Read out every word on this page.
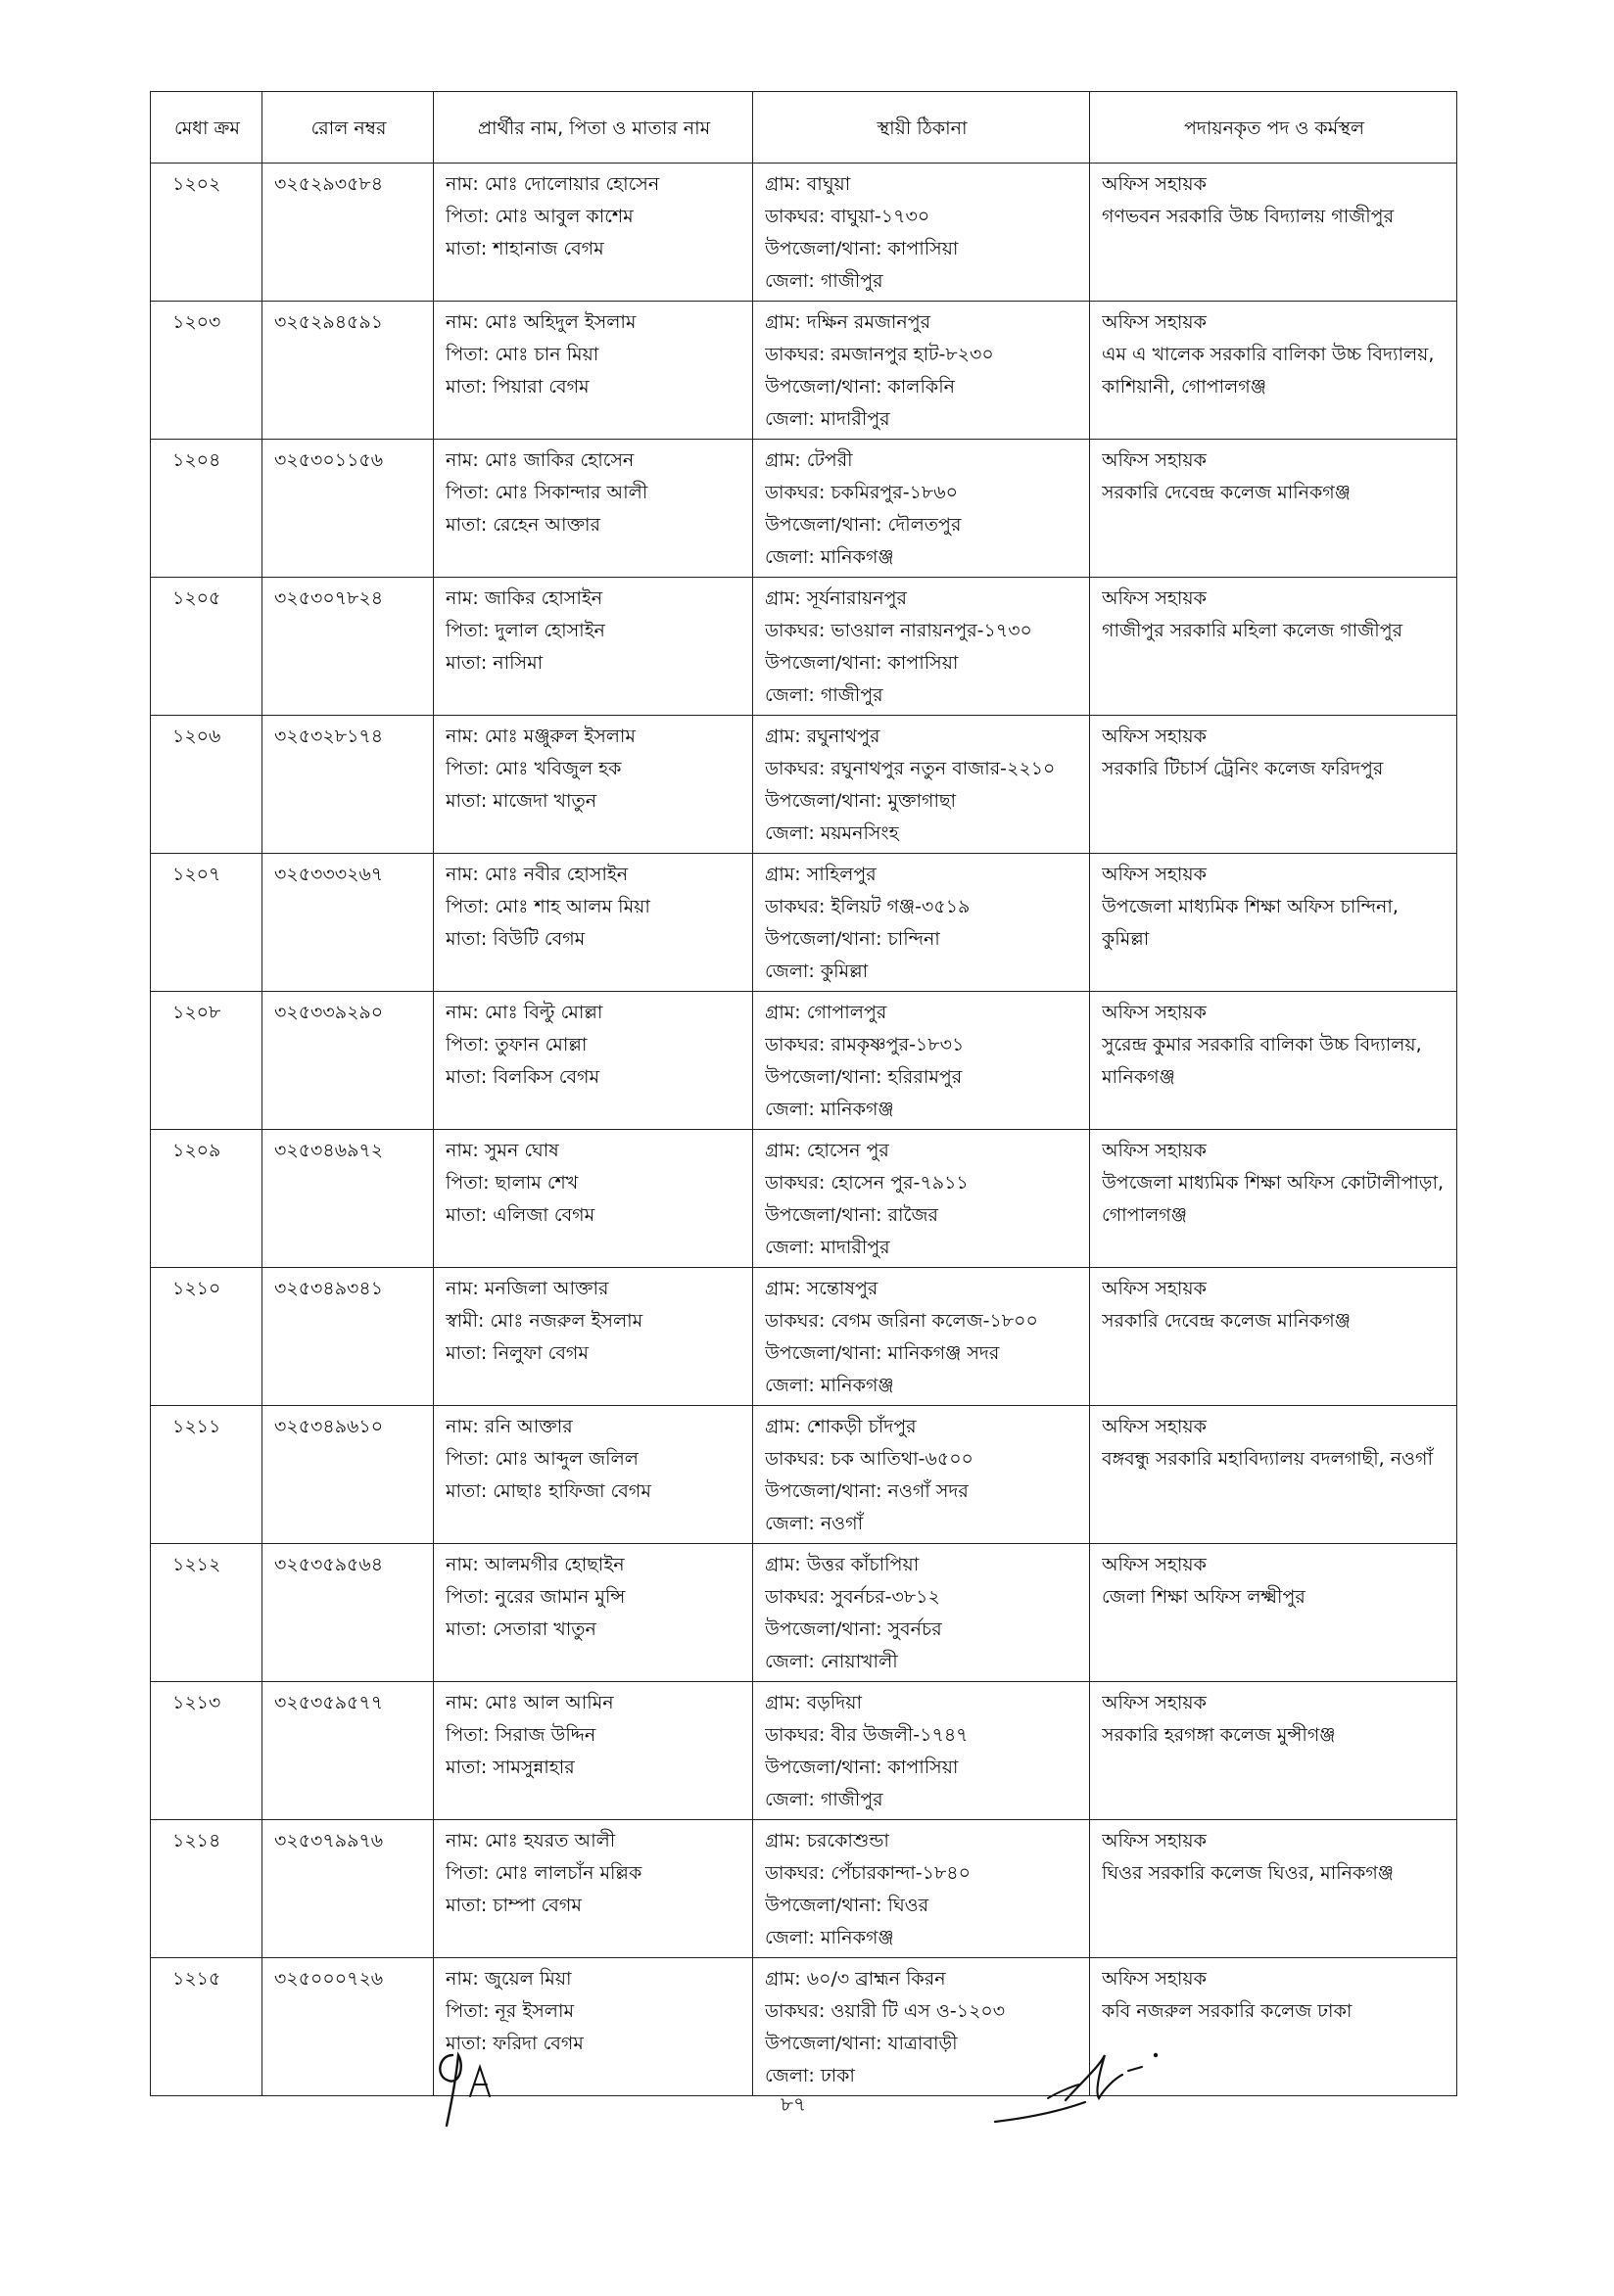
মেধা ক্রম	রোল নম্বর	প্রার্থীর নাম, পিতা ও মাতার নাম	স্থায়ী ঠিকানা	পদায়নকৃত পদ ও কর্মস্থল
১২০২	৩২৫২৯৩৫৮৪	নাম: মোঃ দোলোয়ার হোসেন
পিতা: মোঃ আবুল কাশেম
মাতা: শাহানাজ বেগম	গ্রাম: বাঘুয়া
ডাকঘর: বাঘুয়া-১৭৩০
উপজেলা/থানা: কাপাসিয়া
জেলা: গাজীপুর	অফিস সহায়ক
গণভবন সরকারি উচ্চ বিদ্যালয় গাজীপুর

১২০৩	৩২৫২৯৪৫৯১	নাম: মোঃ অহিদুল ইসলাম
পিতা: মোঃ চান মিয়া
মাতা: পিয়ারা বেগম	গ্রাম: দক্ষিন রমজানপুর
ডাকঘর: রমজানপুর হাট-৮২৩০
উপজেলা/থানা: কালকিনি
জেলা: মাদারীপুর	অফিস সহায়ক
এম এ খালেক সরকারি বালিকা উচ্চ বিদ্যালয়, কাশিয়ানী, গোপালগঞ্জ

১২০৪	৩২৫৩০১১৫৬	নাম: মোঃ জাকির হোসেন
পিতা: মোঃ সিকান্দার আলী
মাতা: রেহেন আক্তার	গ্রাম: টেপরী
ডাকঘর: চকমিরপুর-১৮৬০
উপজেলা/থানা: দৌলতপুর
জেলা: মানিকগঞ্জ	অফিস সহায়ক
সরকারি দেবেন্দ্র কলেজ মানিকগঞ্জ

১২০৫	৩২৫৩০৭৮২৪	নাম: জাকির হোসাইন
পিতা: দুলাল হোসাইন
মাতা: নাসিমা	গ্রাম: সূর্যনারায়নপুর
ডাকঘর: ভাওয়াল নারায়নপুর-১৭৩০
উপজেলা/থানা: কাপাসিয়া
জেলা: গাজীপুর	অফিস সহায়ক
গাজীপুর সরকারি মহিলা কলেজ গাজীপুর

১২০৬	৩২৫৩২৮১৭৪	নাম: মোঃ মঞ্জুরুল ইসলাম
পিতা: মোঃ খবিজুল হক
মাতা: মাজেদা খাতুন	গ্রাম: রঘুনাথপুর
ডাকঘর: রঘুনাথপুর নতুন বাজার-২২১০
উপজেলা/থানা: মুক্তাগাছা
জেলা: ময়মনসিংহ	অফিস সহায়ক
সরকারি টিচার্স ট্রেনিং কলেজ ফরিদপুর

১২০৭	৩২৫৩৩৩২৬৭	নাম: মোঃ নবীর হোসাইন
পিতা: মোঃ শাহ আলম মিয়া
মাতা: বিউটি বেগম	গ্রাম: সাহিলপুর
ডাকঘর: ইলিয়ট গঞ্জ-৩৫১৯
উপজেলা/থানা: চান্দিনা
জেলা: কুমিল্লা	অফিস সহায়ক
উপজেলা মাধ্যমিক শিক্ষা অফিস চান্দিনা, কুমিল্লা

১২০৮	৩২৫৩৩৯২৯০	নাম: মোঃ বিল্টু মোল্লা
পিতা: তুফান মোল্লা
মাতা: বিলকিস বেগম	গ্রাম: গোপালপুর
ডাকঘর: রামকৃষ্ণপুর-১৮৩১
উপজেলা/থানা: হরিরামপুর
জেলা: মানিকগঞ্জ	অফিস সহায়ক
সুরেন্দ্র কুমার সরকারি বালিকা উচ্চ বিদ্যালয়, মানিকগঞ্জ

১২০৯	৩২৫৩৪৬৯৭২	নাম: সুমন ঘোষ
পিতা: ছালাম শেখ
মাতা: এলিজা বেগম	গ্রাম: হোসেন পুর
ডাকঘর: হোসেন পুর-৭৯১১
উপজেলা/থানা: রাজৈর
জেলা: মাদারীপুর	অফিস সহায়ক
উপজেলা মাধ্যমিক শিক্ষা অফিস কোটালীপাড়া, গোপালগঞ্জ

১২১০	৩২৫৩৪৯৩৪১	নাম: মনজিলা আক্তার
স্বামী: মোঃ নজরুল ইসলাম
মাতা: নিলুফা বেগম	গ্রাম: সন্তোষপুর
ডাকঘর: বেগম জরিনা কলেজ-১৮০০
উপজেলা/থানা: মানিকগঞ্জ সদর
জেলা: মানিকগঞ্জ	অফিস সহায়ক
সরকারি দেবেন্দ্র কলেজ মানিকগঞ্জ

১২১১	৩২৫৩৪৯৬১০	নাম: রনি আক্তার
পিতা: মোঃ আব্দুল জলিল
মাতা: মোছাঃ হাফিজা বেগম	গ্রাম: শোকড়ী চাঁদপুর
ডাকঘর: চক আতিথা-৬৫০০
উপজেলা/থানা: নওগাঁ সদর
জেলা: নওগাঁ	অফিস সহায়ক
বঙ্গবন্ধু সরকারি মহাবিদ্যালয় বদলগাছী, নওগাঁ

১২১২	৩২৫৩৫৯৫৬৪	নাম: আলমগীর হোছাইন
পিতা: নুরের জামান মুন্সি
মাতা: সেতারা খাতুন	গ্রাম: উত্তর কাঁচাপিয়া
ডাকঘর: সুবর্নচর-৩৮১২
উপজেলা/থানা: সুবর্নচর
জেলা: নোয়াখালী	অফিস সহায়ক
জেলা শিক্ষা অফিস লক্ষ্মীপুর

১২১৩	৩২৫৩৫৯৫৭৭	নাম: মোঃ আল আমিন
পিতা: সিরাজ উদ্দিন
মাতা: সামসুন্নাহার	গ্রাম: বড়দিয়া
ডাকঘর: বীর উজলী-১৭৪৭
উপজেলা/থানা: কাপাসিয়া
জেলা: গাজীপুর	অফিস সহায়ক
সরকারি হরগঙ্গা কলেজ মুন্সীগঞ্জ

১২১৪	৩২৫৩৭৯৯৭৬	নাম: মোঃ হযরত আলী
পিতা: মোঃ লালচাঁন মল্লিক
মাতা: চাম্পা বেগম	গ্রাম: চরকোশুন্ডা
ডাকঘর: পেঁচারকান্দা-১৮৪০
উপজেলা/থানা: ঘিওর
জেলা: মানিকগঞ্জ	অফিস সহায়ক
ঘিওর সরকারি কলেজ ঘিওর, মানিকগঞ্জ

১২১৫	৩২৫০০০৭২৬	নাম: জুয়েল মিয়া
পিতা: নূর ইসলাম
মাতা: ফরিদা বেগম	গ্রাম: ৬০/৩ ব্রাহ্মন কিরন
ডাকঘর: ওয়ারী টি এস ও-১২০৩
উপজেলা/থানা: যাত্রাবাড়ী
জেলা: ঢাকা	অফিস সহায়ক
কবি নজরুল সরকারি কলেজ ঢাকা
৮৭
